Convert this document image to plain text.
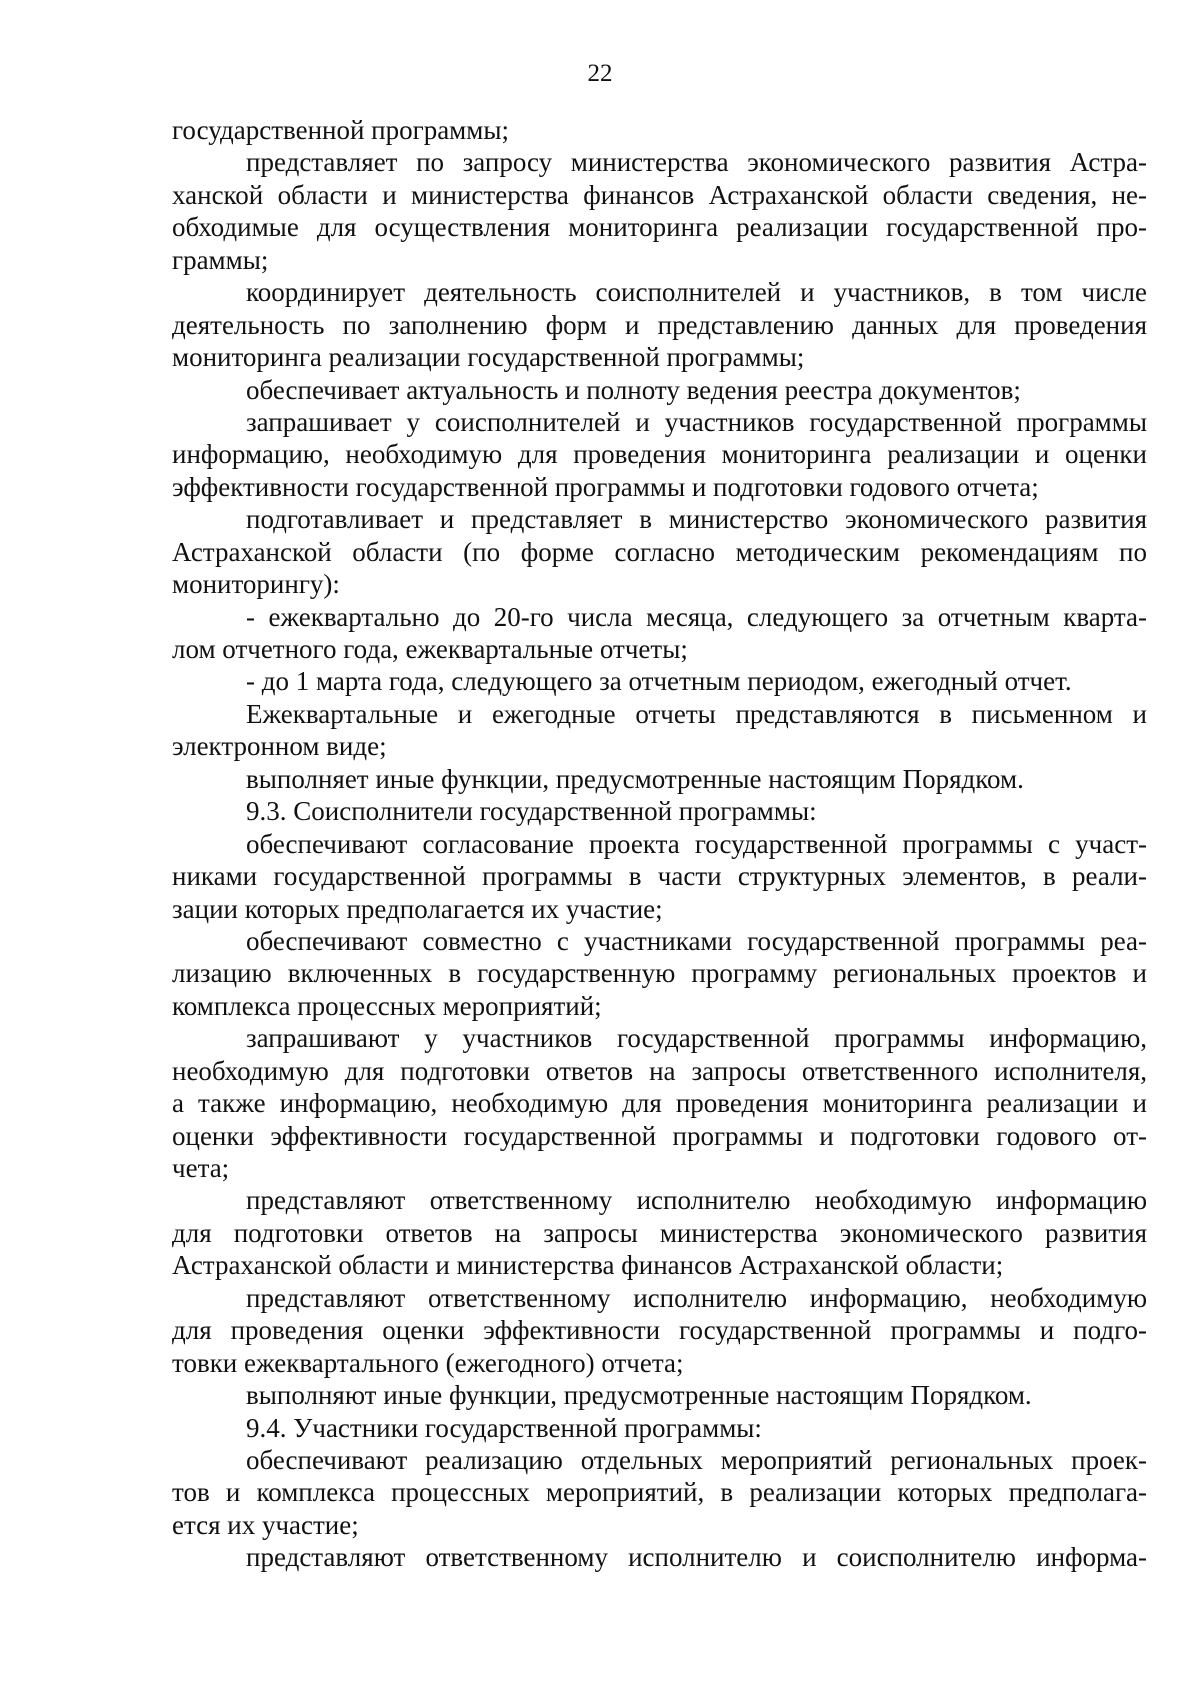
22
государственной программы;
представляет по запросу министерства экономического развития Астра-
ханской области и министерства финансов Астраханской области сведения, не-
обходимые для осуществления мониторинга реализации государственной про-
граммы;
координирует деятельность соисполнителей и участников, в том числе
деятельность по заполнению форм и представлению данных для проведения
мониторинга реализации государственной программы;
обеспечивает актуальность и полноту ведения реестра документов;
запрашивает у соисполнителей и участников государственной программы
информацию, необходимую для проведения мониторинга реализации и оценки
эффективности государственной программы и подготовки годового отчета;
подготавливает и представляет в министерство экономического развития
Астраханской области (по форме согласно методическим рекомендациям по
мониторингу):
- ежеквартально до 20-го числа месяца, следующего за отчетным кварта-
лом отчетного года, ежеквартальные отчеты;
- до 1 марта года, следующего за отчетным периодом, ежегодный отчет.
Ежеквартальные и ежегодные отчеты представляются в письменном и
электронном виде;
выполняет иные функции, предусмотренные настоящим Порядком.
9.3. Соисполнители государственной программы:
обеспечивают согласование проекта государственной программы с участ-
никами государственной программы в части структурных элементов, в реали-
зации которых предполагается их участие;
обеспечивают совместно с участниками государственной программы реа-
лизацию включенных в государственную программу региональных проектов и
комплекса процессных мероприятий;
запрашивают у участников государственной программы информацию,
необходимую для подготовки ответов на запросы ответственного исполнителя,
а также информацию, необходимую для проведения мониторинга реализации и
оценки эффективности государственной программы и подготовки годового от-
чета;
представляют ответственному исполнителю необходимую информацию
для подготовки ответов на запросы министерства экономического развития
Астраханской области и министерства финансов Астраханской области;
представляют ответственному исполнителю информацию, необходимую
для проведения оценки эффективности государственной программы и подго-
товки ежеквартального (ежегодного) отчета;
выполняют иные функции, предусмотренные настоящим Порядком.
9.4. Участники государственной программы:
обеспечивают реализацию отдельных мероприятий региональных проек-
тов и комплекса процессных мероприятий, в реализации которых предполага-
ется их участие;
представляют ответственному исполнителю и соисполнителю информа-
